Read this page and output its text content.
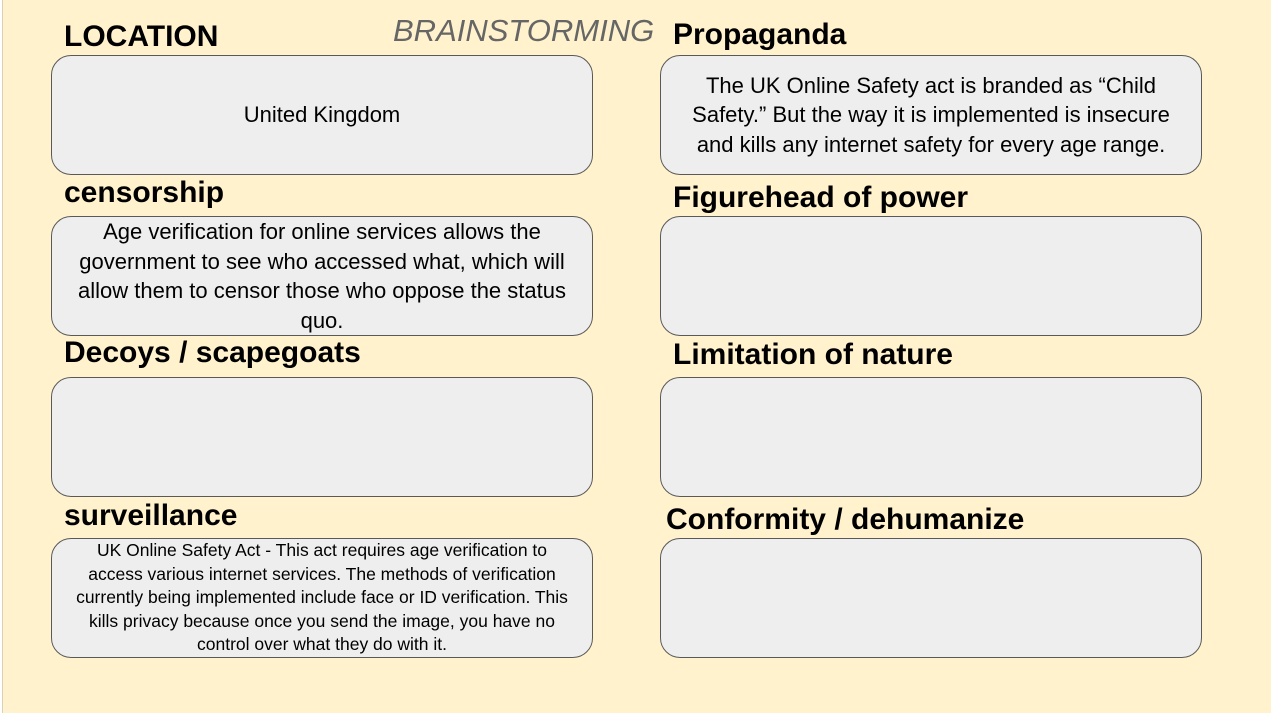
BRAINSTORMING
LOCATION
United Kingdom
censorship
Age verification for online services allows the government to see who accessed what, which will allow them to censor those who oppose the status quo.
Decoys / scapegoats
surveillance
UK Online Safety Act - This act requires age verification to access various internet services. The methods of verification currently being implemented include face or ID verification. This kills privacy because once you send the image, you have no control over what they do with it.
Propaganda
The UK Online Safety act is branded as “Child Safety.” But the way it is implemented is insecure and kills any internet safety for every age range.
Figurehead of power
Limitation of nature
Conformity / dehumanize
